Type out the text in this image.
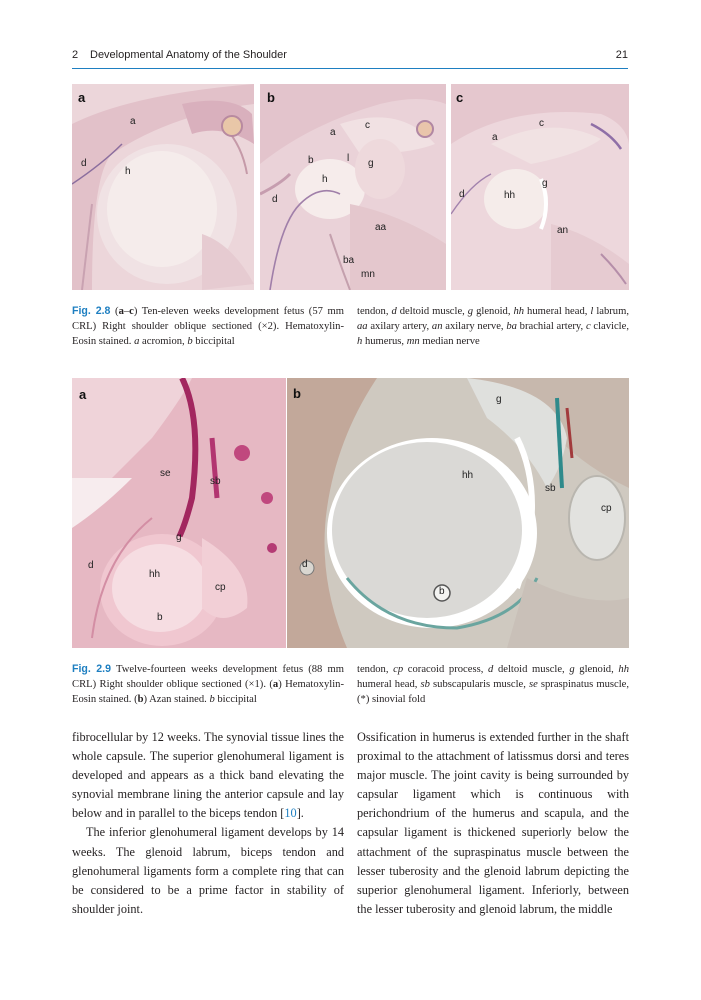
2 Developmental Anatomy of the Shoulder	21
a
a
d
h
b
a
c
b	l g
h
d
aa
ba
mn
c
c
a
g
d	hh
an
Fig. 2.8 (a–c) Ten-eleven weeks development fetus (57 mm CRL) Right shoulder oblique sectioned (×2). Hematoxylin-Eosin stained. a acromion, b biccipital
tendon, d deltoid muscle, g glenoid, hh humeral head, l labrum, aa axilary artery, an axilary nerve, ba brachial artery, c clavicle, h humerus, mn median nerve
a
se
sb
g
d
hh
cp
b
b	g
hh
sb
cp
d
b
Fig. 2.9 Twelve-fourteen weeks development fetus (88 mm CRL) Right shoulder oblique sectioned (×1). (a) Hematoxylin-Eosin stained. (b) Azan stained. b biccipital
tendon, cp coracoid process, d deltoid muscle, g glenoid, hh humeral head, sb subscapularis muscle, se spraspinatus muscle, (*) sinovial fold

fibrocellular by 12 weeks. The synovial tissue lines the whole capsule. The superior glenohumeral ligament is developed and appears as a thick band elevating the synovial membrane lining the anterior capsule and lay below and in parallel to the biceps tendon [10].

The inferior glenohumeral ligament develops by 14 weeks. The glenoid labrum, biceps tendon and glenohumeral ligaments form a complete ring that can be considered to be a prime factor in stability of shoulder joint.

Ossification in humerus is extended further in the shaft proximal to the attachment of latissmus dorsi and teres major muscle. The joint cavity is being surrounded by capsular ligament which is continuous with perichondrium of the humerus and scapula, and the capsular ligament is thickened superiorly below the attachment of the supraspinatus muscle between the lesser tuberosity and the glenoid labrum depicting the superior glenohumeral ligament. Inferiorly, between the lesser tuberosity and glenoid labrum, the middle
